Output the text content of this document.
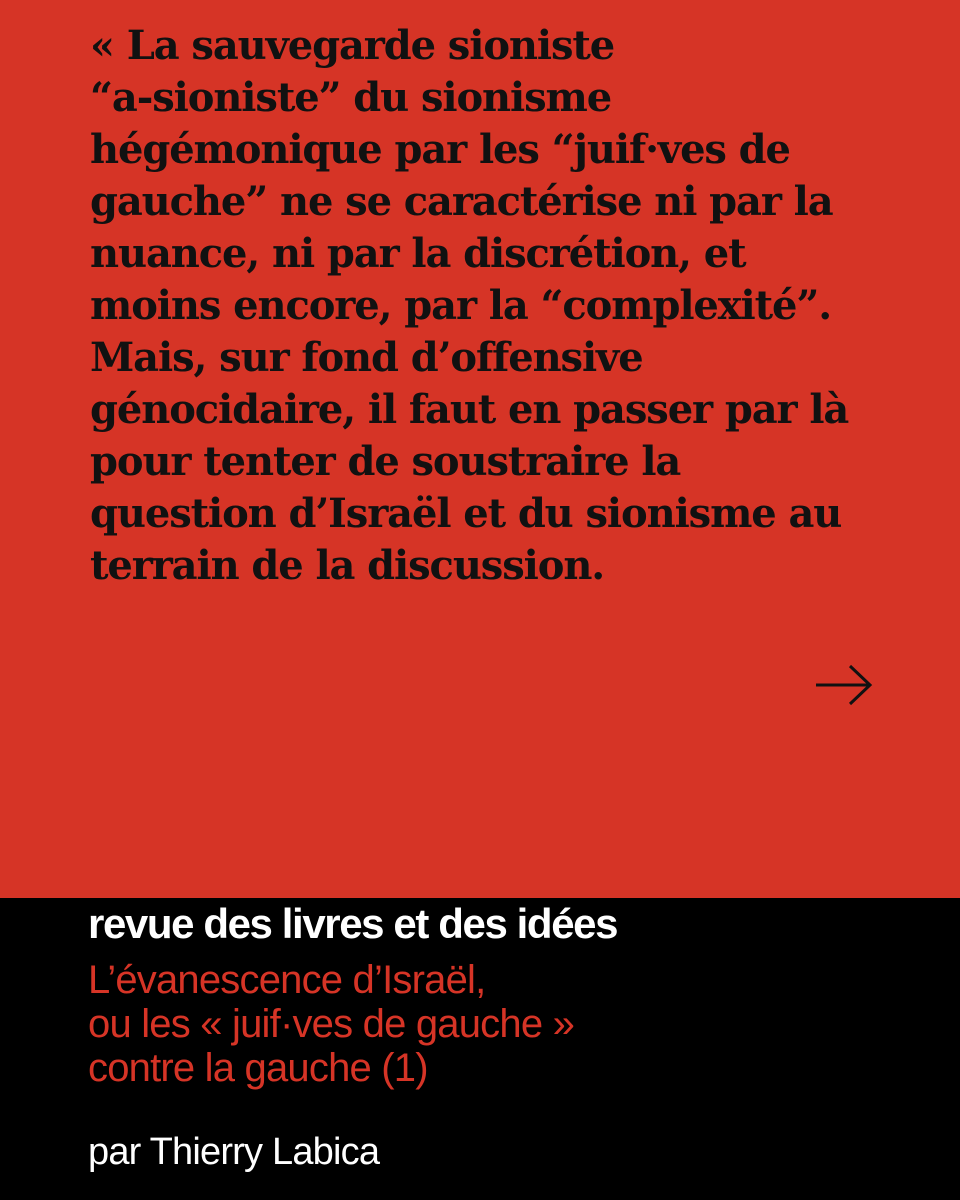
« La sauvegarde sioniste
“a-sioniste” du sionisme
hégémonique par les “juif·ves de
gauche” ne se caractérise ni par la
nuance, ni par la discrétion, et
moins encore, par la “complexité”.
Mais, sur fond d’offensive
génocidaire, il faut en passer par là
pour tenter de soustraire la
question d’Israël et du sionisme au
terrain de la discussion.

revue des livres et des idées
L’évanescence d’Israël,
ou les « juif·ves de gauche »
contre la gauche (1)
par Thierry Labica
